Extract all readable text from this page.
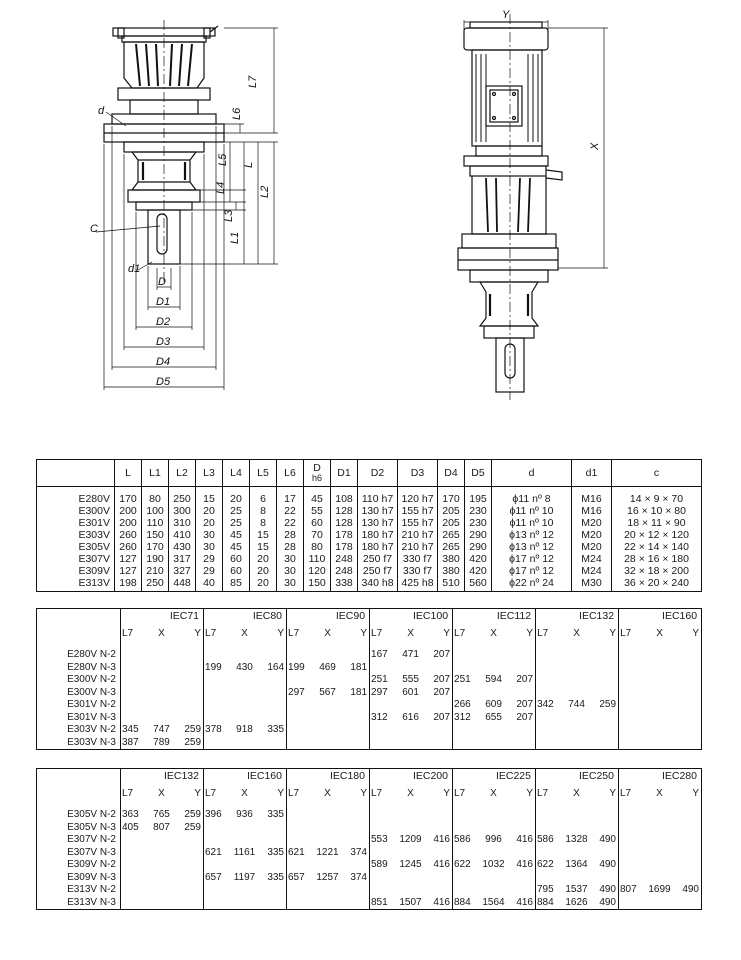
L7
L6
L5 L
L4	L2
L3
L1
d
C
d1
D
D1
D2
D3
D4
D5
Y
X
	L	L1	L2	L3	L4	L5	L6	D
h6	D1	D2	D3	D4	D5	d	d1	c
E280V	170	80	250	15	20	6	17	45	108	110 h7	120 h7	170	195	ϕ11 nº 8	M16	14 × 9 × 70
E300V	200	100	300	20	25	8	22	55	128	130 h7	155 h7	205	230	ϕ11 nº 10	M16	16 × 10 × 80
E301V	200	110	310	20	25	8	22	60	128	130 h7	155 h7	205	230	ϕ11 nº 10	M20	18 × 11 × 90
E303V	260	150	410	30	45	15	28	70	178	180 h7	210 h7	265	290	ϕ13 nº 12	M20	20 × 12 × 120
E305V	260	170	430	30	45	15	28	80	178	180 h7	210 h7	265	290	ϕ13 nº 12	M20	22 × 14 × 140
E307V	127	190	317	29	60	20	30	110	248	250 f7	330 f7	380	420	ϕ17 nº 12	M24	28 × 16 × 180
E309V	127	210	327	29	60	20	30	120	248	250 f7	330 f7	380	420	ϕ17 nº 12	M24	32 × 18 × 200
E313V	198	250	448	40	85	20	30	150	338	340 h8	425 h8	510	560	ϕ22 nº 24	M30	36 × 20 × 240
	IEC71			IEC80			IEC90			IEC100			IEC112			IEC132			IEC160		
	L7	X	Y	L7	X	Y	L7	X	Y	L7	X	Y	L7	X	Y	L7	X	Y	L7	X	Y

E280V N-2										167	471	207									
E280V N-3				199	430	164	199	469	181												
E300V N-2										251	555	207	251	594	207						
E300V N-3							297	567	181	297	601	207									
E301V N-2													266	609	207	342	744	259			
E301V N-3										312	616	207	312	655	207						
E303V N-2	345	747	259	378	918	335															
E303V N-3	387	789	259																		
	IEC132			IEC160			IEC180			IEC200			IEC225			IEC250			IEC280		
	L7	X	Y	L7	X	Y	L7	X	Y	L7	X	Y	L7	X	Y	L7	X	Y	L7	X	Y

E305V N-2	363	765	259	396	936	335															
E305V N-3	405	807	259																		
E307V N-2										553	1209	416	586	996	416	586	1328	490			
E307V N-3				621	1161	335	621	1221	374												
E309V N-2										589	1245	416	622	1032	416	622	1364	490			
E309V N-3				657	1197	335	657	1257	374												
E313V N-2																795	1537	490	807	1699	490
E313V N-3										851	1507	416	884	1564	416	884	1626	490			
